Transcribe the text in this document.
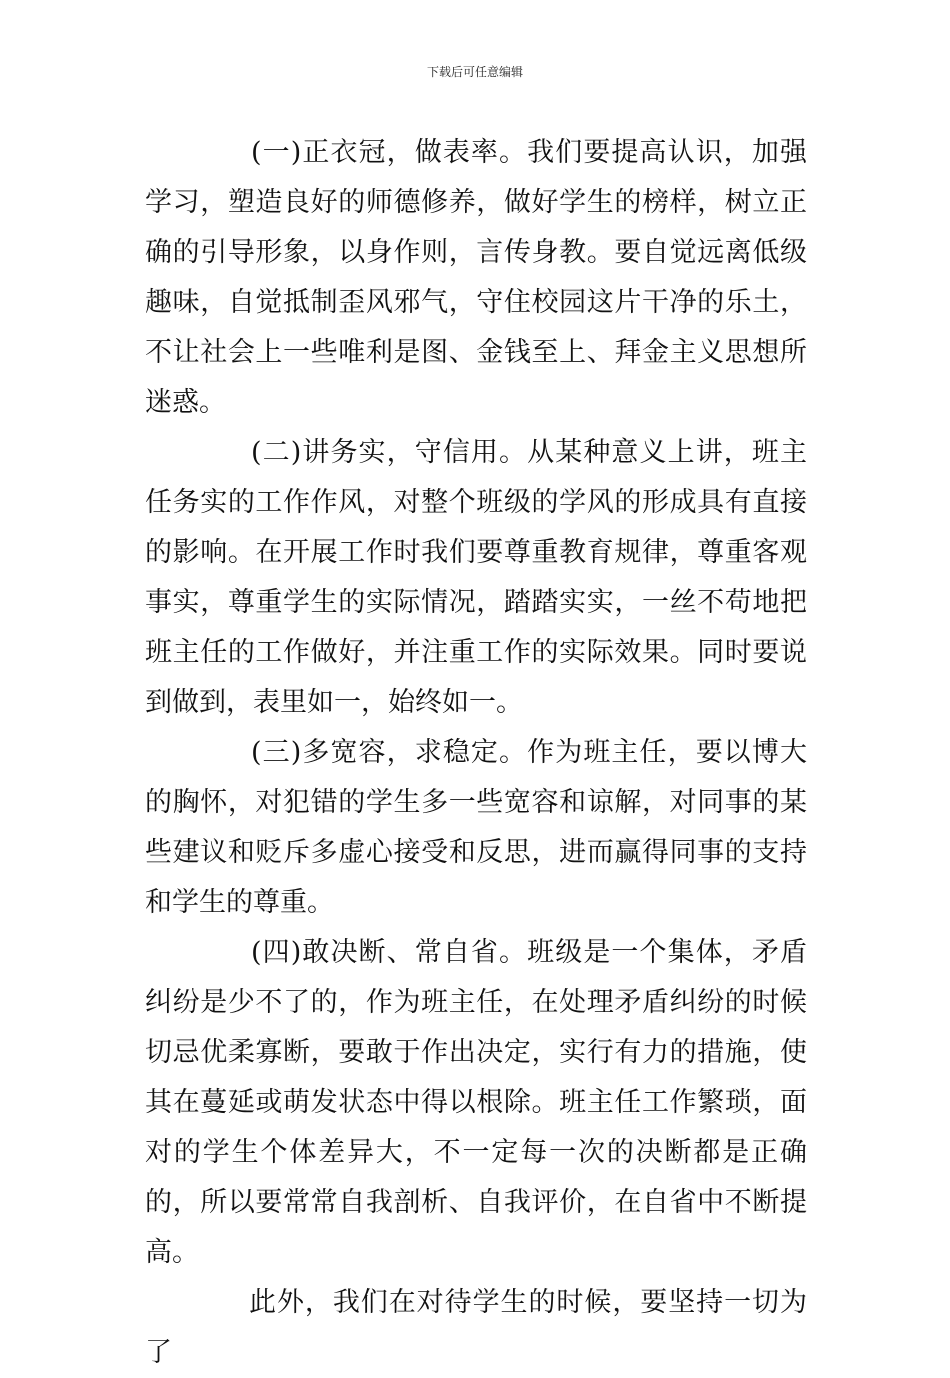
下载后可任意编辑

(一)正衣冠，做表率。我们要提高认识，加强学习，塑造良好的师德修养，做好学生的榜样，树立正确的引导形象，以身作则，言传身教。要自觉远离低级趣味，自觉抵制歪风邪气，守住校园这片干净的乐土，不让社会上一些唯利是图、金钱至上、拜金主义思想所迷惑。

(二)讲务实，守信用。从某种意义上讲，班主任务实的工作作风，对整个班级的学风的形成具有直接的影响。在开展工作时我们要尊重教育规律，尊重客观事实，尊重学生的实际情况，踏踏实实，一丝不苟地把班主任的工作做好，并注重工作的实际效果。同时要说到做到，表里如一，始终如一。

(三)多宽容，求稳定。作为班主任，要以博大的胸怀，对犯错的学生多一些宽容和谅解，对同事的某些建议和贬斥多虚心接受和反思，进而赢得同事的支持和学生的尊重。

(四)敢决断、常自省。班级是一个集体，矛盾纠纷是少不了的，作为班主任，在处理矛盾纠纷的时候切忌优柔寡断，要敢于作出决定，实行有力的措施，使其在蔓延或萌发状态中得以根除。班主任工作繁琐，面对的学生个体差异大，不一定每一次的决断都是正确的，所以要常常自我剖析、自我评价，在自省中不断提高。

此外，我们在对待学生的时候，要坚持一切为了
